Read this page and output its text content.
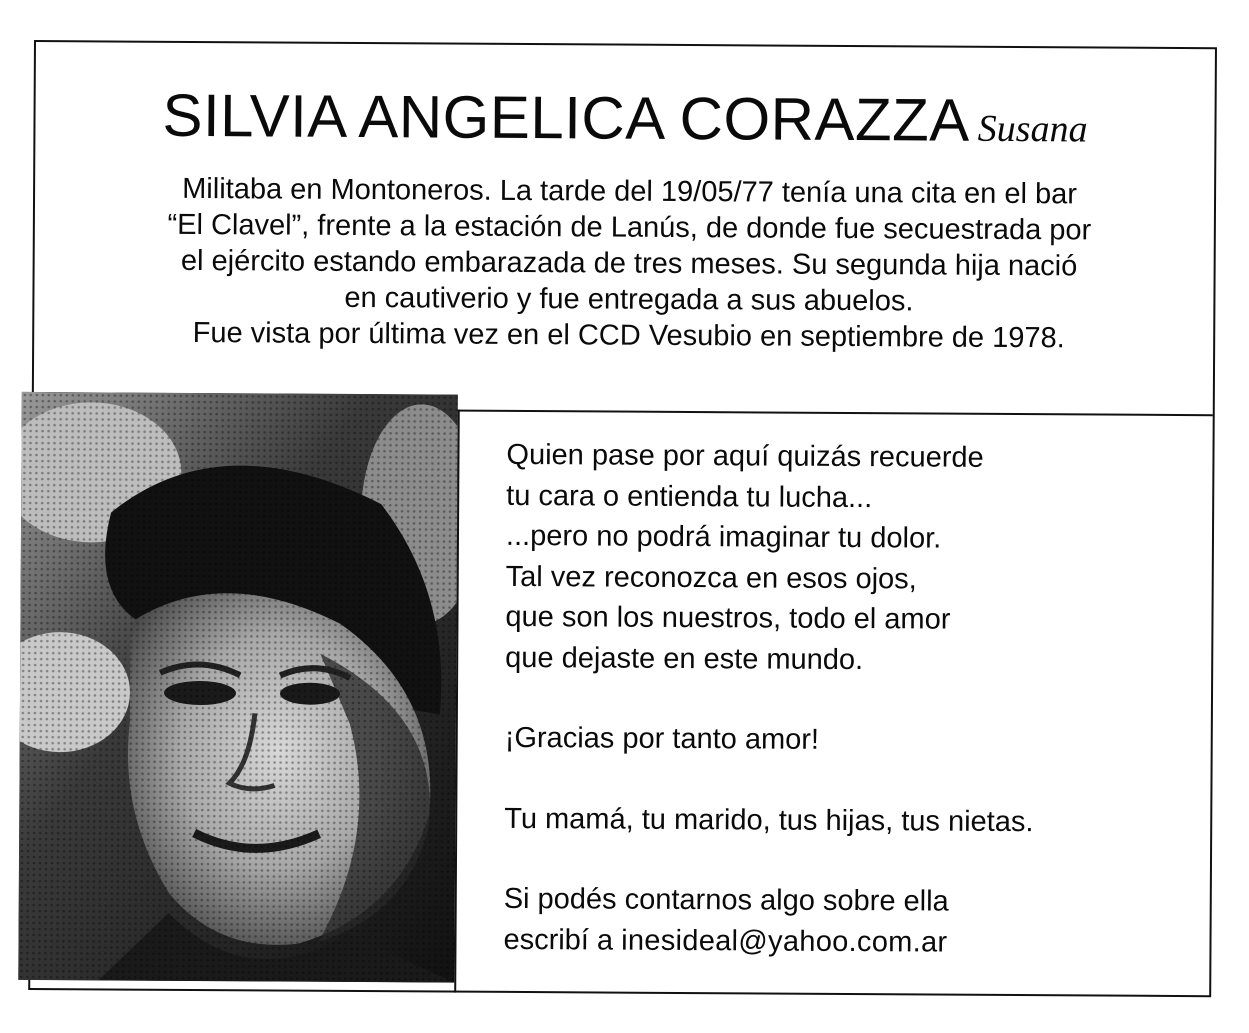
SILVIA ANGELICA CORAZZA Susana

Militaba en Montoneros. La tarde del 19/05/77 tenía una cita en el bar

“El Clavel”, frente a la estación de Lanús, de donde fue secuestrada por

el ejército estando embarazada de tres meses. Su segunda hija nació

en cautiverio y fue entregada a sus abuelos.

Fue vista por última vez en el CCD Vesubio en septiembre de 1978.

Quien pase por aquí quizás recuerde

tu cara o entienda tu lucha...

...pero no podrá imaginar tu dolor.

Tal vez reconozca en esos ojos,

que son los nuestros, todo el amor

que dejaste en este mundo.

¡Gracias por tanto amor!

Tu mamá, tu marido, tus hijas, tus nietas.

Si podés contarnos algo sobre ella

escribí a inesideal@yahoo.com.ar
